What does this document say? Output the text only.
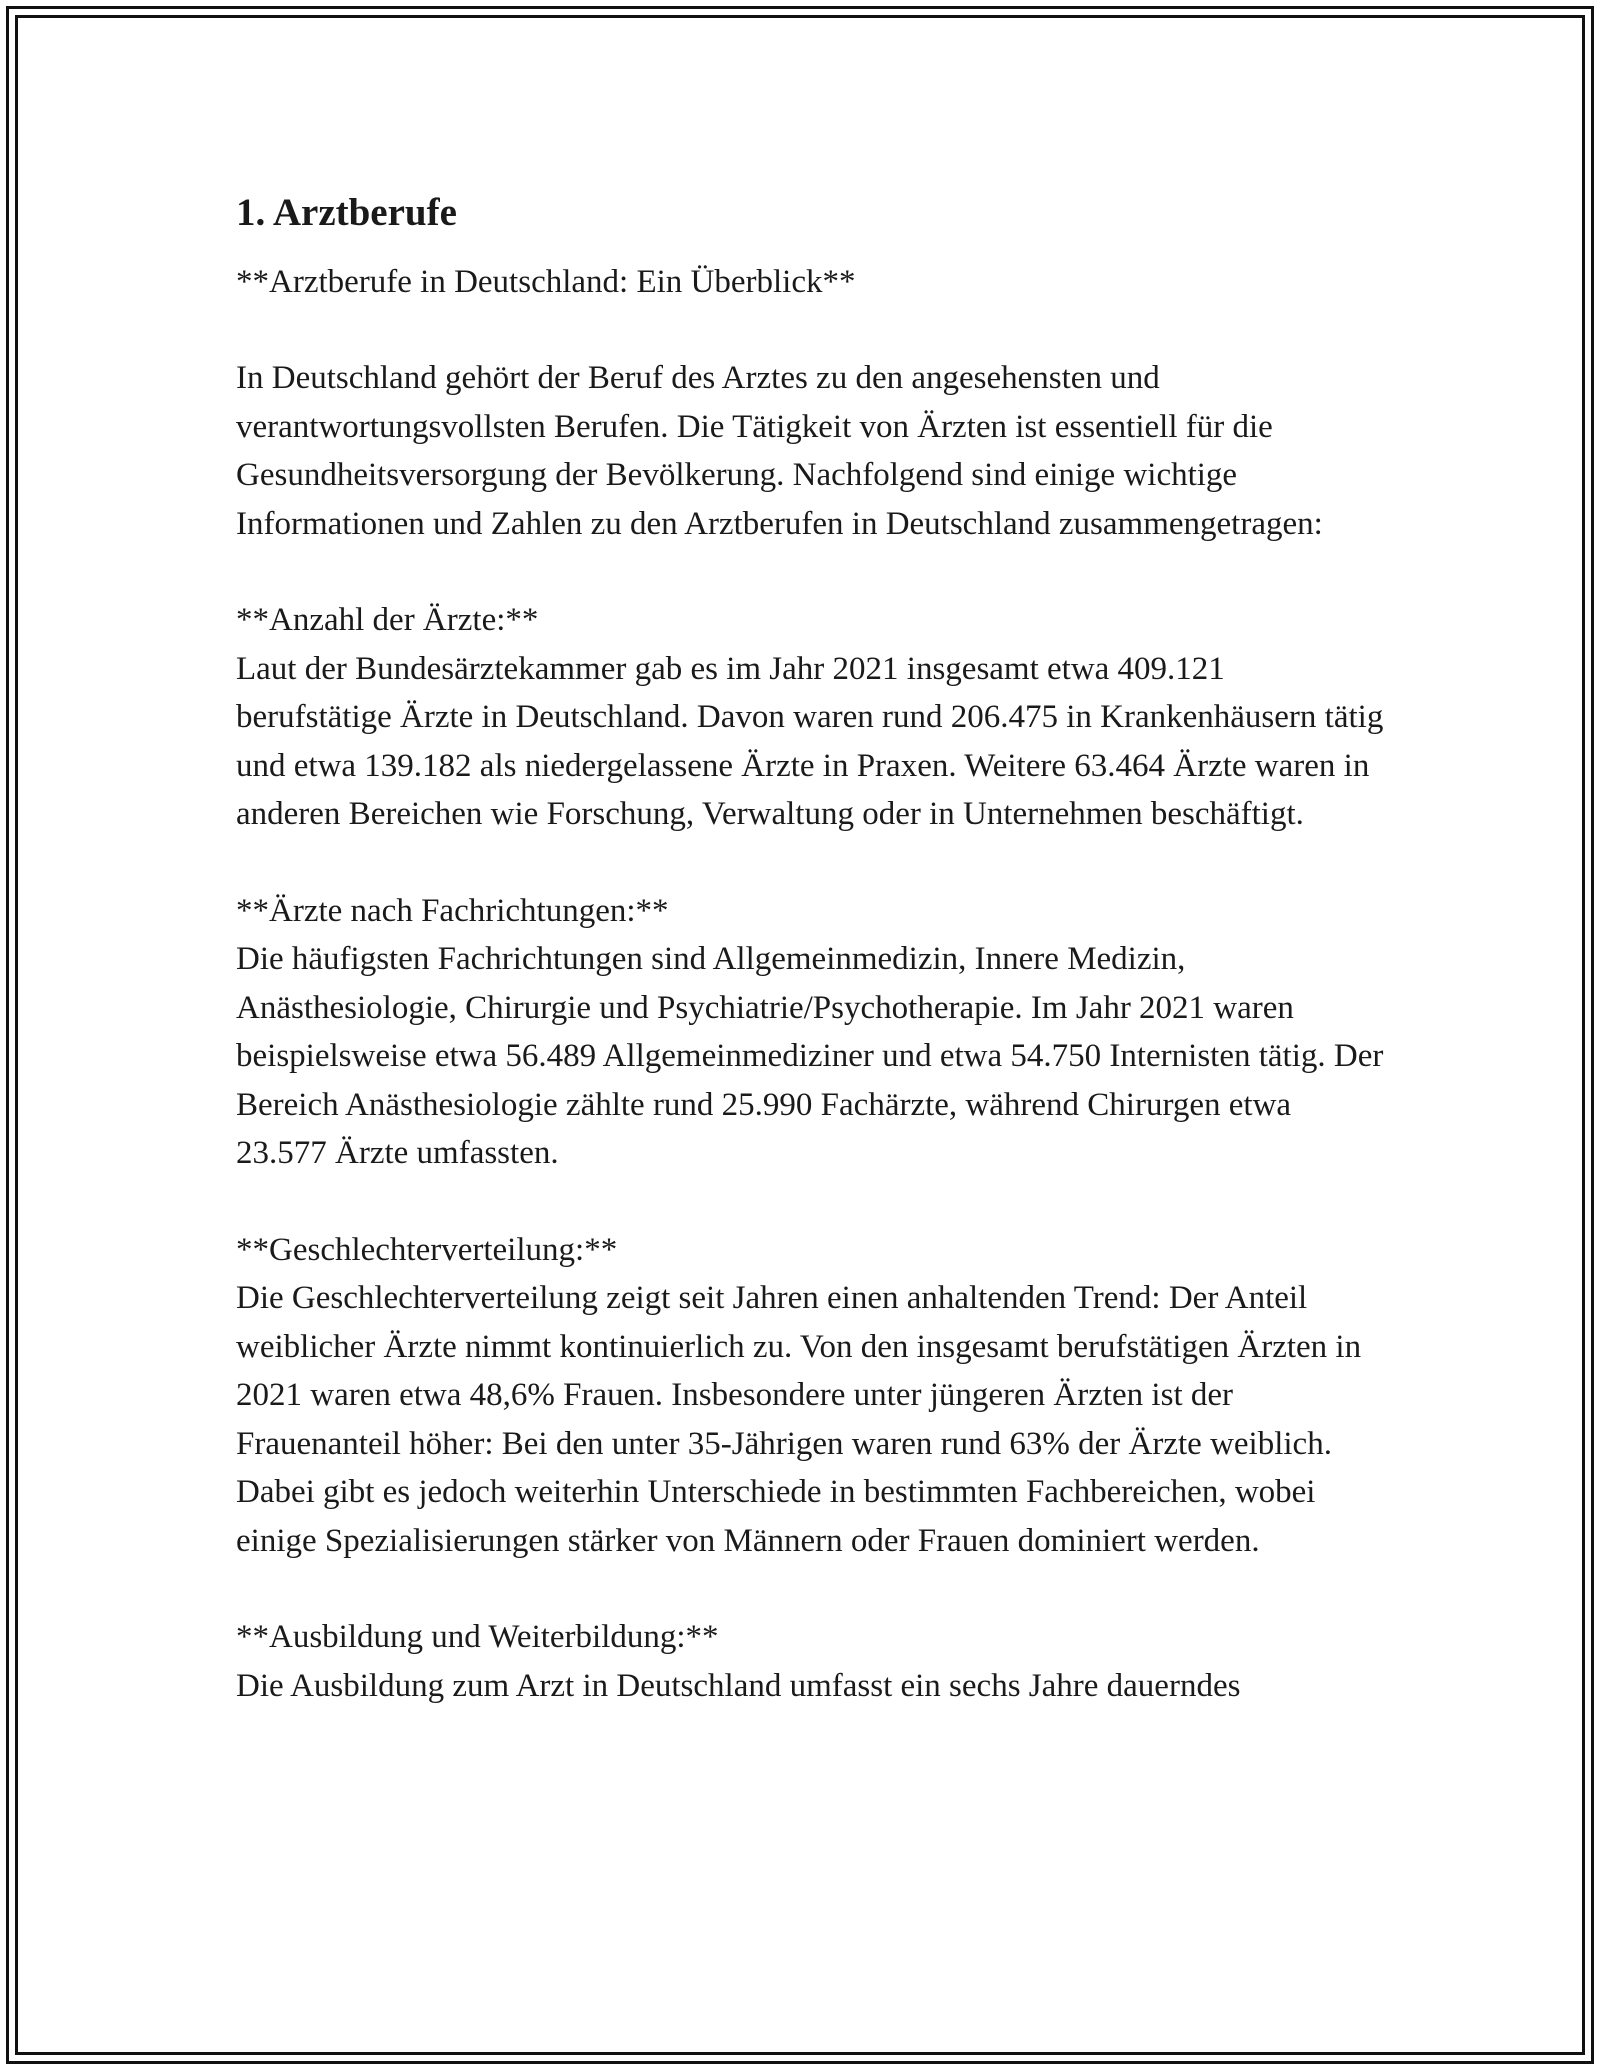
1. Arztberufe

**Arztberufe in Deutschland: Ein Überblick**

In Deutschland gehört der Beruf des Arztes zu den angesehensten und verantwortungsvollsten Berufen. Die Tätigkeit von Ärzten ist essentiell für die Gesundheitsversorgung der Bevölkerung. Nachfolgend sind einige wichtige Informationen und Zahlen zu den Arztberufen in Deutschland zusammengetragen:

**Anzahl der Ärzte:**
Laut der Bundesärztekammer gab es im Jahr 2021 insgesamt etwa 409.121 berufstätige Ärzte in Deutschland. Davon waren rund 206.475 in Krankenhäusern tätig und etwa 139.182 als niedergelassene Ärzte in Praxen. Weitere 63.464 Ärzte waren in anderen Bereichen wie Forschung, Verwaltung oder in Unternehmen beschäftigt.
**Ärzte nach Fachrichtungen:**
Die häufigsten Fachrichtungen sind Allgemeinmedizin, Innere Medizin, Anästhesiologie, Chirurgie und Psychiatrie/Psychotherapie. Im Jahr 2021 waren beispielsweise etwa 56.489 Allgemeinmediziner und etwa 54.750 Internisten tätig. Der Bereich Anästhesiologie zählte rund 25.990 Fachärzte, während Chirurgen etwa 23.577 Ärzte umfassten.
**Geschlechterverteilung:**
Die Geschlechterverteilung zeigt seit Jahren einen anhaltenden Trend: Der Anteil weiblicher Ärzte nimmt kontinuierlich zu. Von den insgesamt berufstätigen Ärzten in 2021 waren etwa 48,6% Frauen. Insbesondere unter jüngeren Ärzten ist der Frauenanteil höher: Bei den unter 35-Jährigen waren rund 63% der Ärzte weiblich. Dabei gibt es jedoch weiterhin Unterschiede in bestimmten Fachbereichen, wobei einige Spezialisierungen stärker von Männern oder Frauen dominiert werden.
**Ausbildung und Weiterbildung:**
Die Ausbildung zum Arzt in Deutschland umfasst ein sechs Jahre dauerndes
